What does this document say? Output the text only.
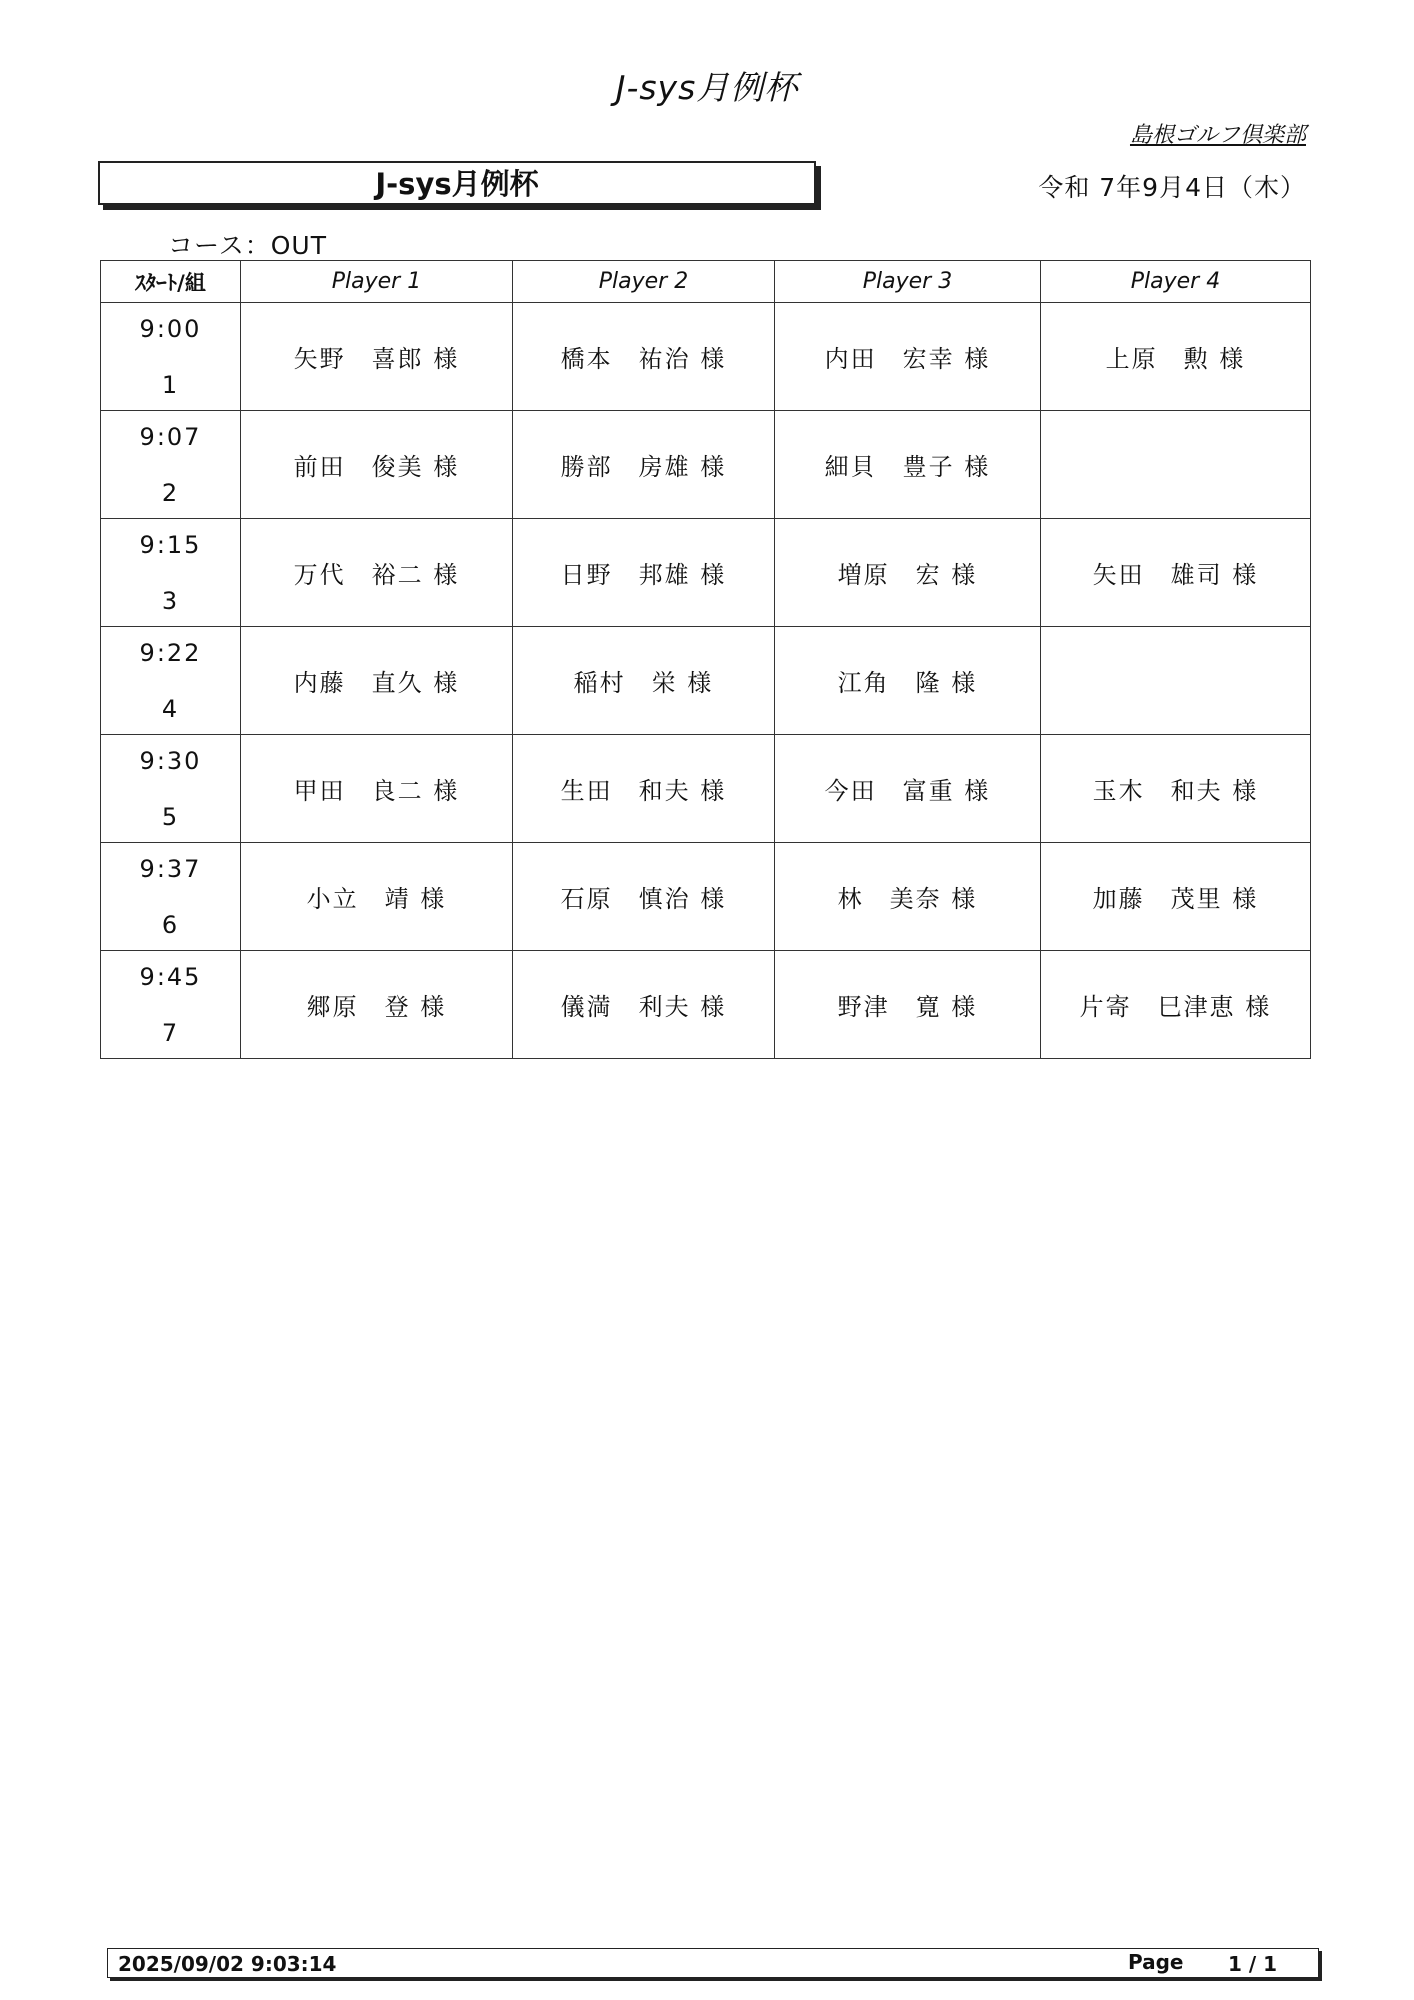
J-sys月例杯
島根ゴルフ倶楽部
J-sys月例杯	令和 7年9月4日（木）
コース：OUT
ｽﾀｰﾄ/組	Player 1	Player 2	Player 3	Player 4

9:00
1	矢野　喜郎 様	橋本　祐治 様	内田　宏幸 様	上原　勲 様

9:07
2	前田　俊美 様	勝部　房雄 様	細貝　豊子 様	

9:15
3	万代　裕二 様	日野　邦雄 様	増原　宏 様	矢田　雄司 様

9:22
4	内藤　直久 様	稲村　栄 様	江角　隆 様	

9:30
5	甲田　良二 様	生田　和夫 様	今田　富重 様	玉木　和夫 様

9:37
6	小立　靖 様	石原　慎治 様	林　美奈 様	加藤　茂里 様

9:45
7	郷原　登 様	儀満　利夫 様	野津　寛 様	片寄　巳津恵 様
2025/09/02 9:03:14	Page 1 / 1
